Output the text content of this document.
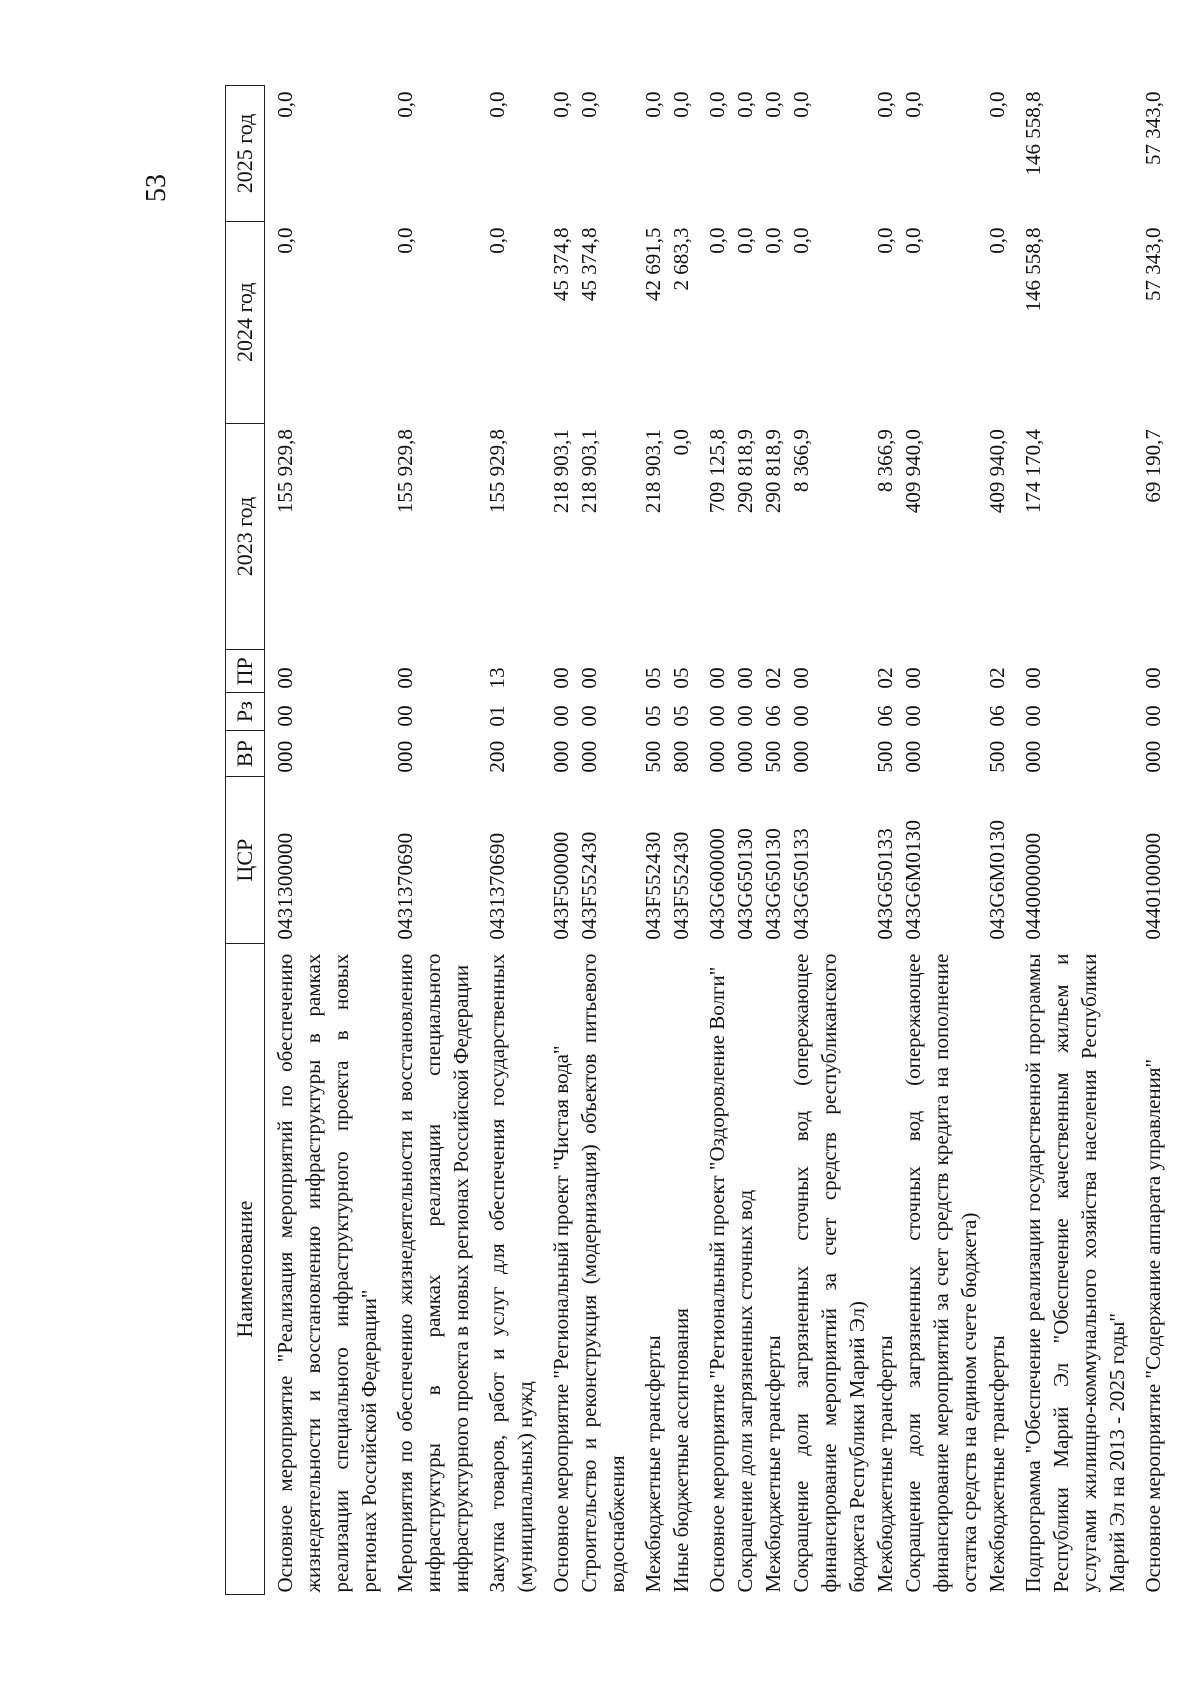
53
Наименование	ЦСР	ВР	Рз	ПР	2023 год	2024 год	2025 год
Основное мероприятие "Реализация мероприятий по обеспечению жизнедеятельности и восстановлению инфраструктуры в рамках реализации специального инфраструктурного проекта в новых регионах Российской Федерации"	0431300000	000	00	00	155 929,8	0,0	0,0
Мероприятия по обеспечению жизнедеятельности и восстановлению инфраструктуры в рамках реализации специального инфраструктурного проекта в новых регионах Российской Федерации	0431370690	000	00	00	155 929,8	0,0	0,0
Закупка товаров, работ и услуг для обеспечения государственных (муниципальных) нужд	0431370690	200	01	13	155 929,8	0,0	0,0
Основное мероприятие "Региональный проект "Чистая вода"	043F500000	000	00	00	218 903,1	45 374,8	0,0
Строительство и реконструкция (модернизация) объектов питьевого водоснабжения	043F552430	000	00	00	218 903,1	45 374,8	0,0
Межбюджетные трансферты	043F552430	500	05	05	218 903,1	42 691,5	0,0
Иные бюджетные ассигнования	043F552430	800	05	05	0,0	2 683,3	0,0
Основное мероприятие "Региональный проект "Оздоровление Волги"	043G600000	000	00	00	709 125,8	0,0	0,0
Сокращение доли загрязненных сточных вод	043G650130	000	00	00	290 818,9	0,0	0,0
Межбюджетные трансферты	043G650130	500	06	02	290 818,9	0,0	0,0
Сокращение доли загрязненных сточных вод (опережающее финансирование мероприятий за счет средств республиканского бюджета Республики Марий Эл)	043G650133	000	00	00	8 366,9	0,0	0,0
Межбюджетные трансферты	043G650133	500	06	02	8 366,9	0,0	0,0
Сокращение доли загрязненных сточных вод (опережающее финансирование мероприятий за счет средств кредита на пополнение остатка средств на едином счете бюджета)	043G6M0130	000	00	00	409 940,0	0,0	0,0
Межбюджетные трансферты	043G6M0130	500	06	02	409 940,0	0,0	0,0
Подпрограмма "Обеспечение реализации государственной программы Республики Марий Эл "Обеспечение качественным жильем и услугами жилищно-коммунального хозяйства населения Республики Марий Эл на 2013 - 2025 годы"	0440000000	000	00	00	174 170,4	146 558,8	146 558,8
Основное мероприятие "Содержание аппарата управления"	0440100000	000	00	00	69 190,7	57 343,0	57 343,0
